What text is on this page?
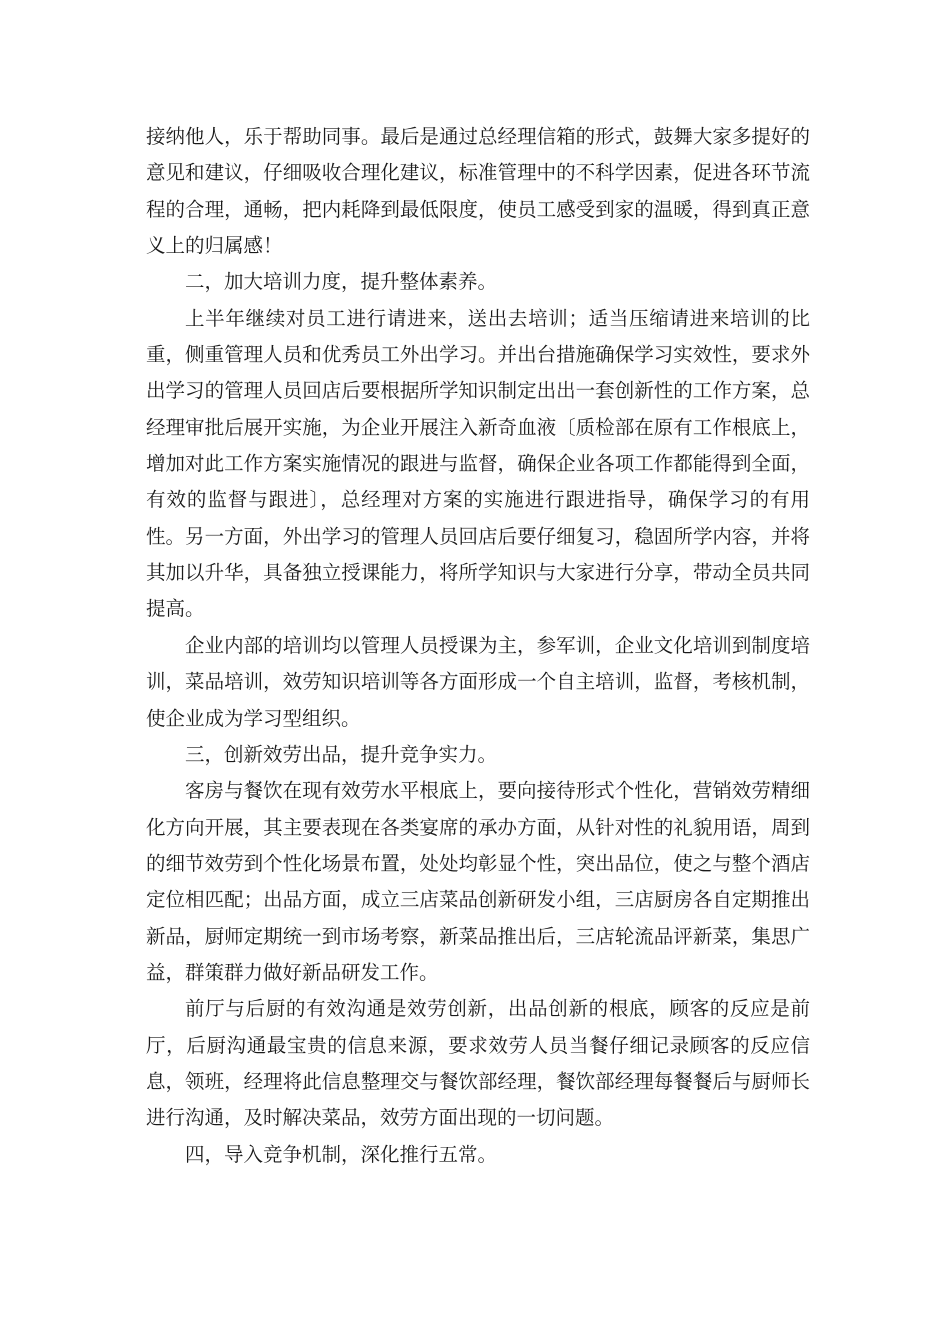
接纳他人，乐于帮助同事。最后是通过总经理信箱的形式，鼓舞大家多提好的
意见和建议，仔细吸收合理化建议，标准管理中的不科学因素，促进各环节流
程的合理，通畅，把内耗降到最低限度，使员工感受到家的温暖，得到真正意
义上的归属感！
二，加大培训力度，提升整体素养。
上半年继续对员工进行请进来，送出去培训；适当压缩请进来培训的比
重，侧重管理人员和优秀员工外出学习。并出台措施确保学习实效性，要求外
出学习的管理人员回店后要根据所学知识制定出出一套创新性的工作方案，总
经理审批后展开实施，为企业开展注入新奇血液〔质检部在原有工作根底上，
增加对此工作方案实施情况的跟进与监督，确保企业各项工作都能得到全面，
有效的监督与跟进〕，总经理对方案的实施进行跟进指导，确保学习的有用
性。另一方面，外出学习的管理人员回店后要仔细复习，稳固所学内容，并将
其加以升华，具备独立授课能力，将所学知识与大家进行分享，带动全员共同
提高。
企业内部的培训均以管理人员授课为主，参军训，企业文化培训到制度培
训，菜品培训，效劳知识培训等各方面形成一个自主培训，监督，考核机制，
使企业成为学习型组织。
三，创新效劳出品，提升竞争实力。
客房与餐饮在现有效劳水平根底上，要向接待形式个性化，营销效劳精细
化方向开展，其主要表现在各类宴席的承办方面，从针对性的礼貌用语，周到
的细节效劳到个性化场景布置，处处均彰显个性，突出品位，使之与整个酒店
定位相匹配；出品方面，成立三店菜品创新研发小组，三店厨房各自定期推出
新品，厨师定期统一到市场考察，新菜品推出后，三店轮流品评新菜，集思广
益，群策群力做好新品研发工作。
前厅与后厨的有效沟通是效劳创新，出品创新的根底，顾客的反应是前
厅，后厨沟通最宝贵的信息来源，要求效劳人员当餐仔细记录顾客的反应信
息，领班，经理将此信息整理交与餐饮部经理，餐饮部经理每餐餐后与厨师长
进行沟通，及时解决菜品，效劳方面出现的一切问题。
四，导入竞争机制，深化推行五常。
